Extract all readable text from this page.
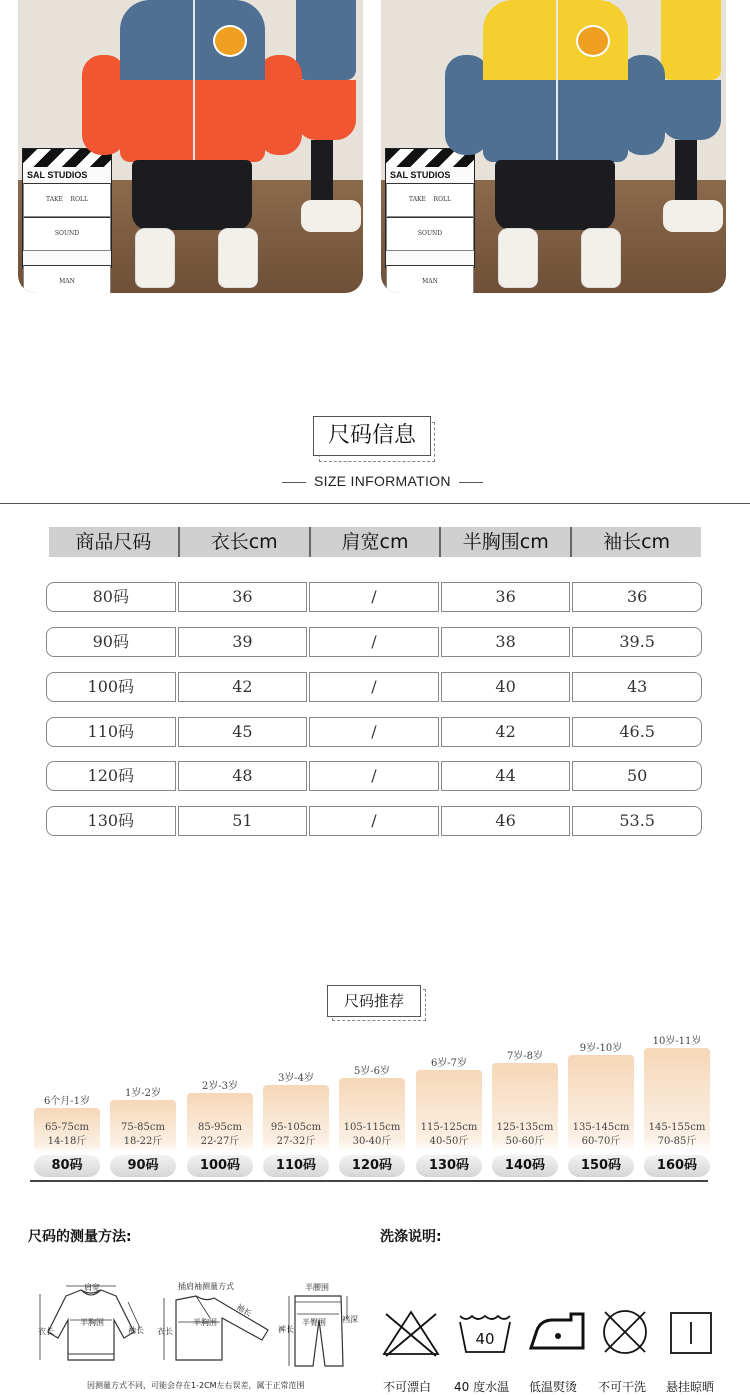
SAL STUDIOS
TAKE ROLL
SOUND
MAN
SAL STUDIOS
TAKE ROLL
SOUND
MAN
尺码信息
SIZE INFORMATION
商品尺码	衣长cm	肩宽cm	半胸围cm	袖长cm
80码	36	/	36	36
90码	39	/	38	39.5
100码	42	/	40	43
110码	45	/	42	46.5
120码	48	/	44	50
130码	51	/	46	53.5
尺码推荐
6个月-1岁
65-75cm
14-18斤
80码
1岁-2岁
75-85cm
18-22斤
90码
2岁-3岁
85-95cm
22-27斤
100码
3岁-4岁
95-105cm
27-32斤
110码
5岁-6岁
105-115cm
30-40斤
120码
6岁-7岁
115-125cm
40-50斤
130码
7岁-8岁
125-135cm
50-60斤
140码
9岁-10岁
135-145cm
60-70斤
150码
10岁-11岁
145-155cm
70-85斤
160码
尺码的测量方法:
肩宽
半胸围
衣长	袖长
插肩袖测量方式
半胸围
衣长
袖长
半腰围
半臀围 裆深
裤长
因测量方式不同，可能会存在1-2CM左右误差，属于正常范围
洗涤说明:
40
不可漂白 40 度水温 低温熨烫 不可干洗 悬挂晾晒
